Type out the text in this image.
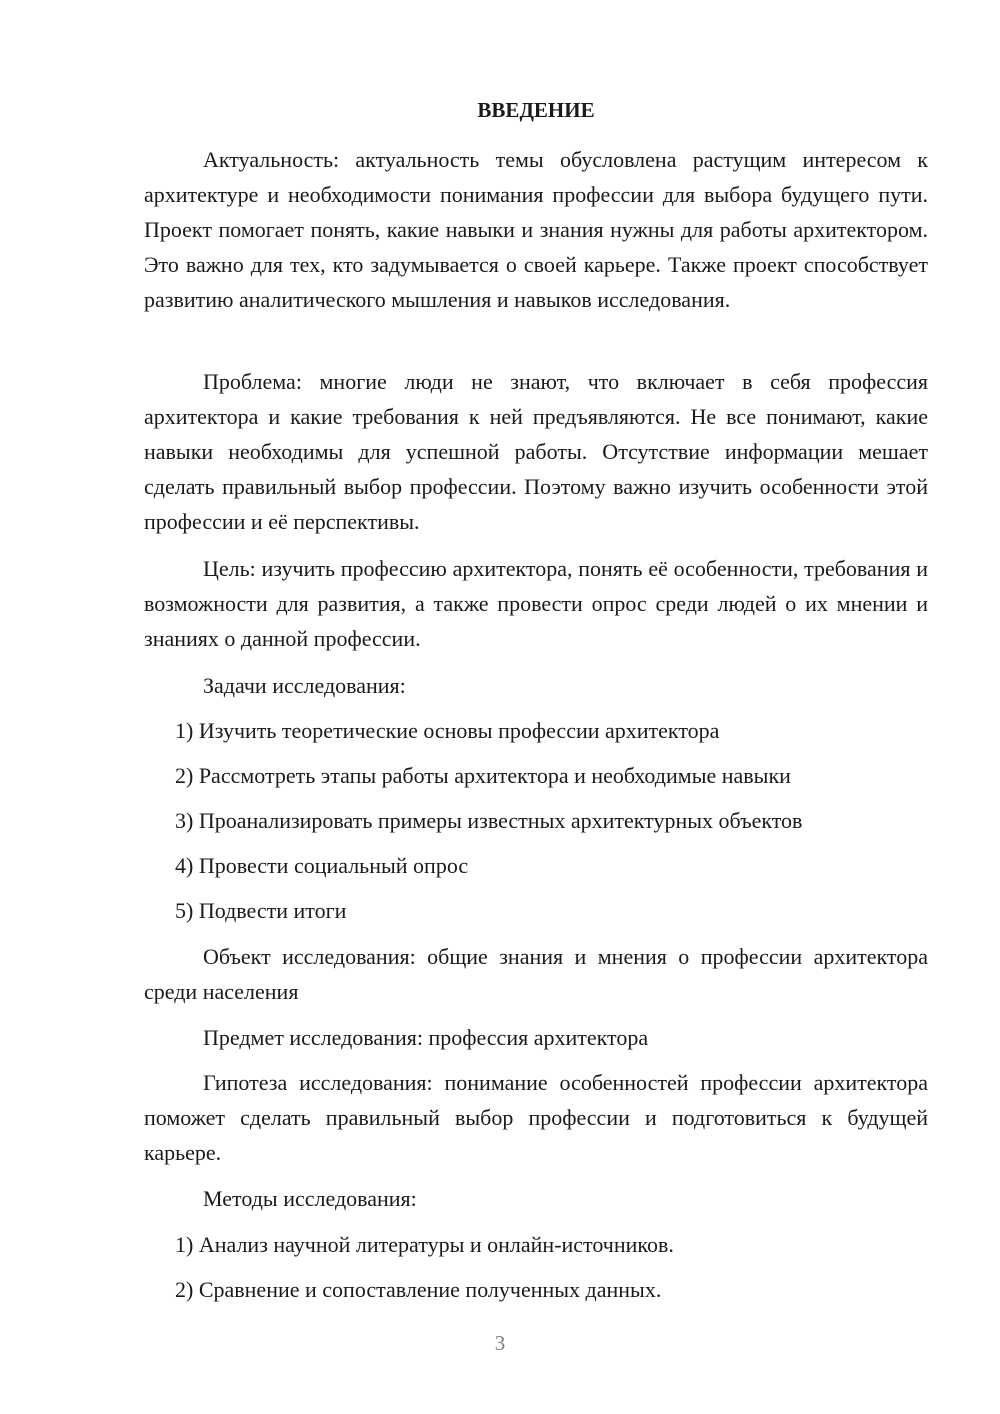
ВВЕДЕНИЕ

Актуальность: актуальность темы обусловлена растущим интересом к архитектуре и необходимости понимания профессии для выбора будущего пути. Проект помогает понять, какие навыки и знания нужны для работы архитектором. Это важно для тех, кто задумывается о своей карьере. Также проект способствует развитию аналитического мышления и навыков исследования.

Проблема: многие люди не знают, что включает в себя профессия архитектора и какие требования к ней предъявляются. Не все понимают, какие навыки необходимы для успешной работы. Отсутствие информации мешает сделать правильный выбор профессии. Поэтому важно изучить особенности этой профессии и её перспективы.

Цель: изучить профессию архитектора, понять её особенности, требования и возможности для развития, а также провести опрос среди людей о их мнении и знаниях о данной профессии.

Задачи исследования:

1) Изучить теоретические основы профессии архитектора

2) Рассмотреть этапы работы архитектора и необходимые навыки

3) Проанализировать примеры известных архитектурных объектов

4) Провести социальный опрос

5) Подвести итоги

Объект исследования: общие знания и мнения о профессии архитектора среди населения

Предмет исследования: профессия архитектора

Гипотеза исследования: понимание особенностей профессии архитектора поможет сделать правильный выбор профессии и подготовиться к будущей карьере.

Методы исследования:

1) Анализ научной литературы и онлайн-источников.

2) Сравнение и сопоставление полученных данных.

3
